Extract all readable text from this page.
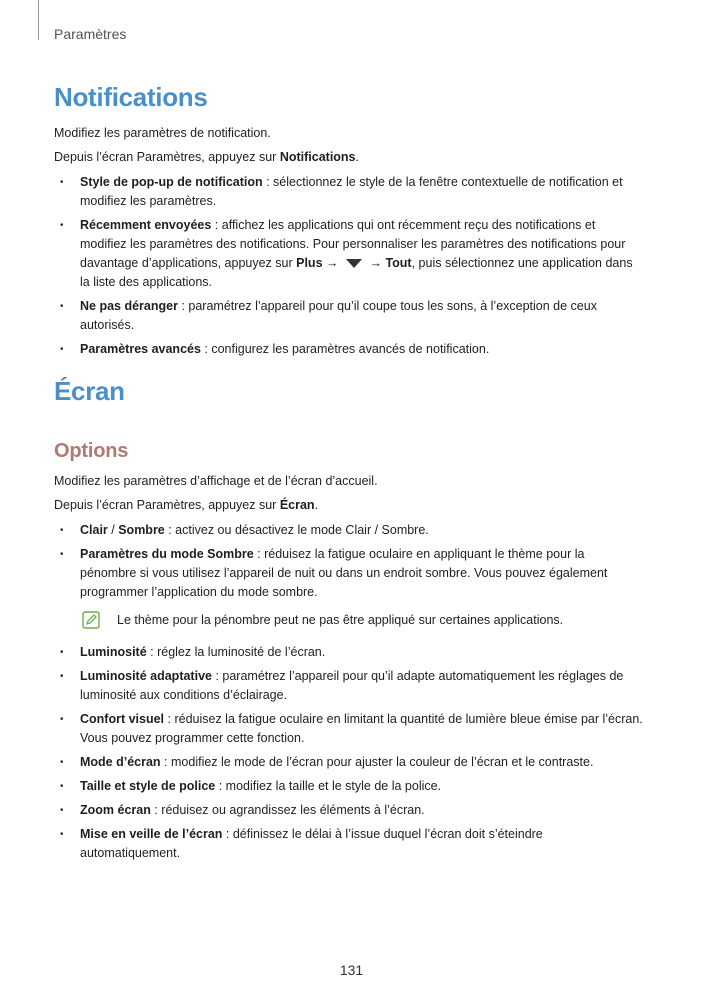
Paramètres
Notifications

Modifiez les paramètres de notification.

Depuis l’écran Paramètres, appuyez sur Notifications.

• Style de pop-up de notification : sélectionnez le style de la fenêtre contextuelle de notification et modifiez les paramètres.
• Récemment envoyées : affichez les applications qui ont récemment reçu des notifications et modifiez les paramètres des notifications. Pour personnaliser les paramètres des notifications pour davantage d’applications, appuyez sur Plus →  → Tout, puis sélectionnez une application dans la liste des applications.
• Ne pas déranger : paramétrez l’appareil pour qu’il coupe tous les sons, à l’exception de ceux autorisés.
• Paramètres avancés : configurez les paramètres avancés de notification.
Écran
Options

Modifiez les paramètres d’affichage et de l’écran d’accueil.

Depuis l’écran Paramètres, appuyez sur Écran.

• Clair / Sombre : activez ou désactivez le mode Clair / Sombre.
• Paramètres du mode Sombre : réduisez la fatigue oculaire en appliquant le thème pour la pénombre si vous utilisez l’appareil de nuit ou dans un endroit sombre. Vous pouvez également programmer l’application du mode sombre.
Le thème pour la pénombre peut ne pas être appliqué sur certaines applications.
• Luminosité : réglez la luminosité de l’écran.
• Luminosité adaptative : paramétrez l’appareil pour qu’il adapte automatiquement les réglages de luminosité aux conditions d’éclairage.
• Confort visuel : réduisez la fatigue oculaire en limitant la quantité de lumière bleue émise par l’écran. Vous pouvez programmer cette fonction.
• Mode d’écran : modifiez le mode de l’écran pour ajuster la couleur de l’écran et le contraste.
• Taille et style de police : modifiez la taille et le style de la police.
• Zoom écran : réduisez ou agrandissez les éléments à l’écran.
• Mise en veille de l’écran : définissez le délai à l’issue duquel l’écran doit s’éteindre automatiquement.
131
